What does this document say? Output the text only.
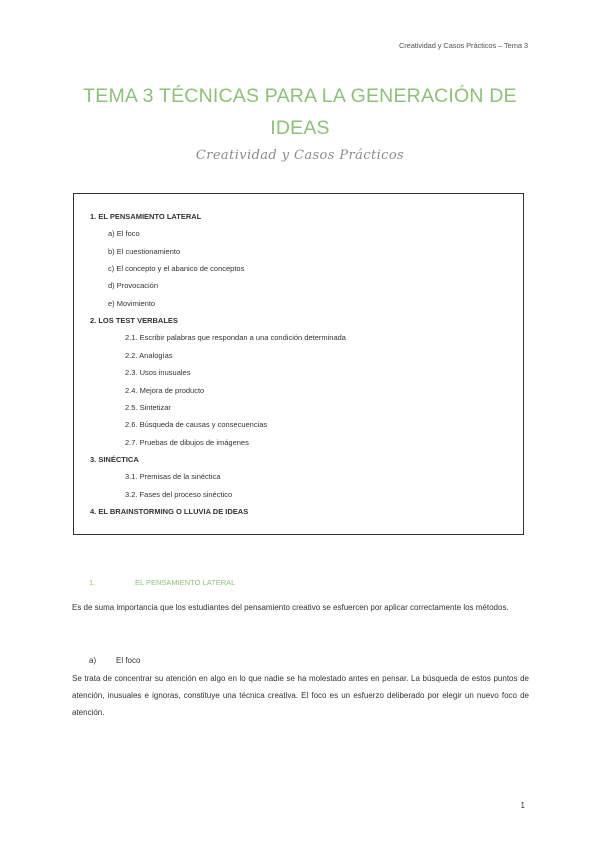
Creatividad y Casos Prácticos – Tema 3
TEMA 3 TÉCNICAS PARA LA GENERACIÓN DE
IDEAS
Creatividad y Casos Prácticos
1. EL PENSAMIENTO LATERAL
a) El foco
b) El cuestionamiento
c) El concepto y el abanico de conceptos
d) Provocación
e) Movimiento
2. LOS TEST VERBALES
2.1. Escribir palabras que respondan a una condición determinada
2.2. Analogías
2.3. Usos inusuales
2.4. Mejora de producto
2.5. Sintetizar
2.6. Búsqueda de causas y consecuencias
2.7. Pruebas de dibujos de imágenes
3. SINÉCTICA
3.1. Premisas de la sinéctica
3.2. Fases del proceso sinéctico
4. EL BRAINSTORMING O LLUVIA DE IDEAS
1.	EL PENSAMIENTO LATERAL
Es de suma importancia que los estudiantes del pensamiento creativo se esfuercen por aplicar correctamente los métodos.
a) El foco
Se trata de concentrar su atención en algo en lo que nadie se ha molestado antes en pensar. La búsqueda de estos puntos de atención, inusuales e ignoras, constituye una técnica creativa. El foco es un esfuerzo deliberado por elegir un nuevo foco de atención.
1
